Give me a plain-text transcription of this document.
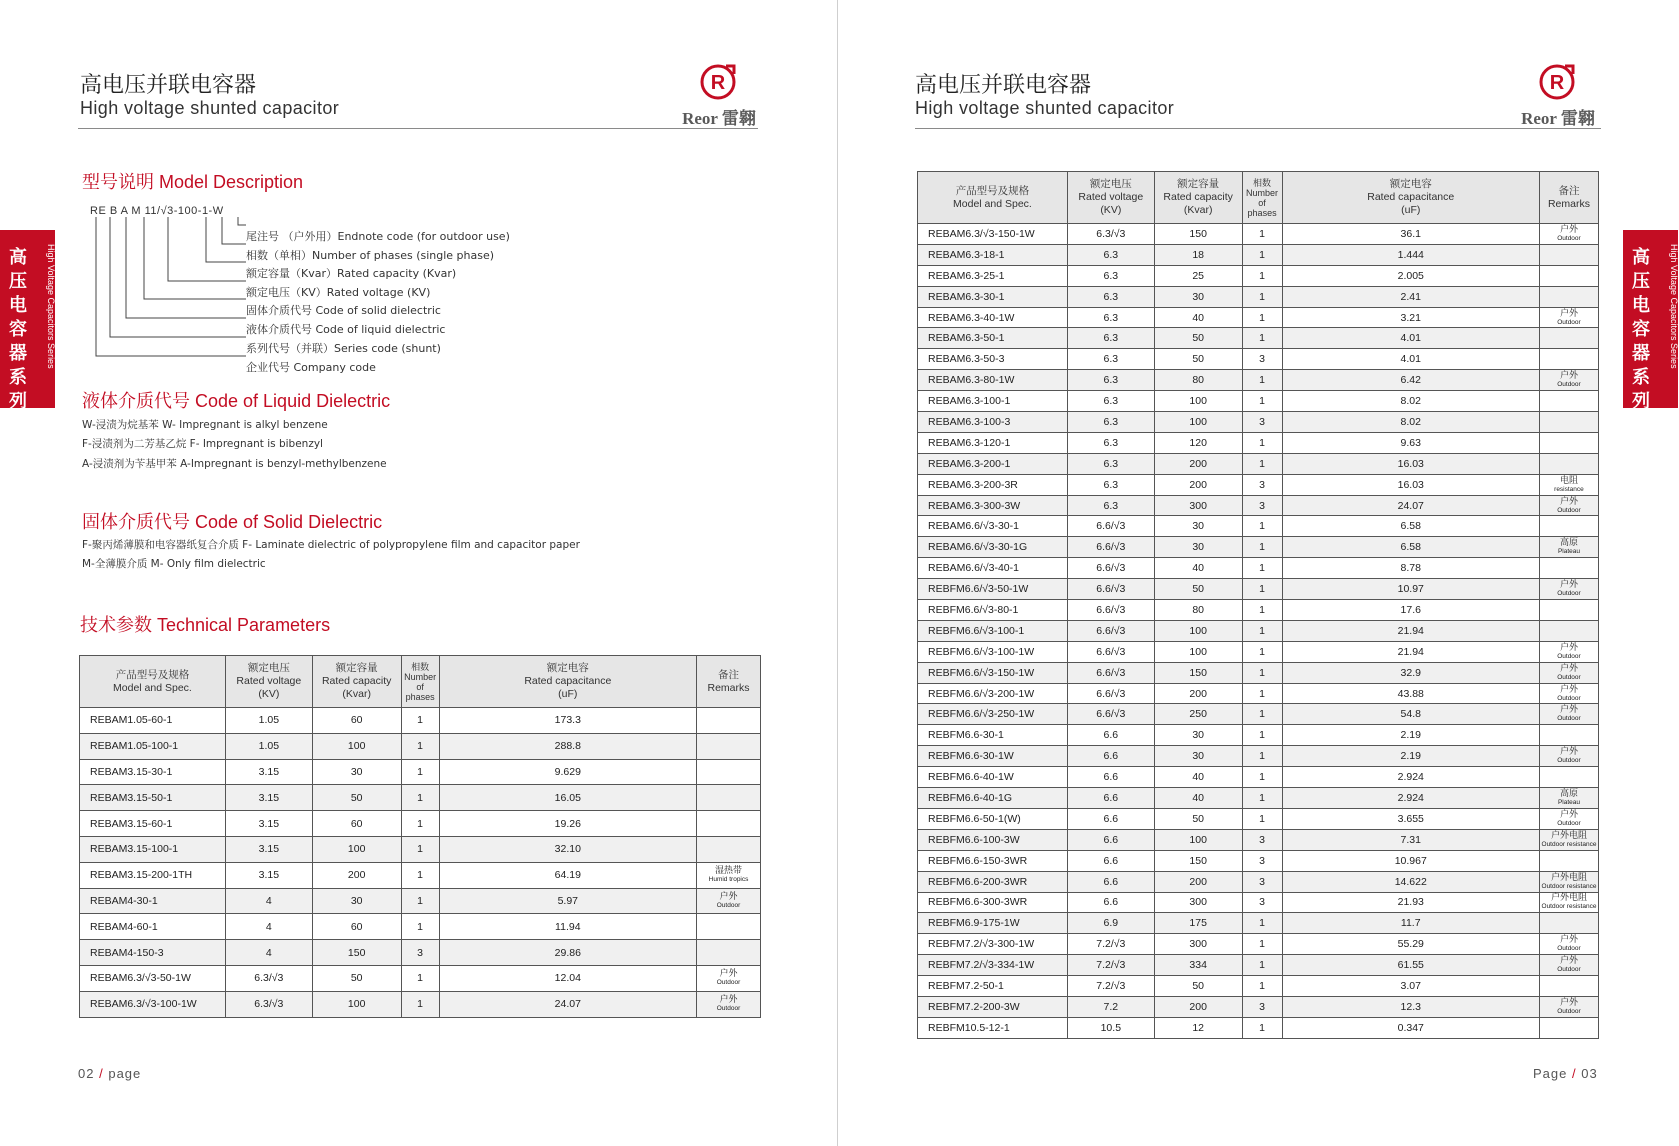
高电压并联电容器
High voltage shunted capacitor
R
Reor 雷翱
高
压
电
容
器
系
列
High Voltage Capacitors Series
型号说明 Model Description
RE B A M 11/√3-100-1-W
尾注号 （户外用）Endnote code (for outdoor use)
相数（单相）Number of phases (single phase)
额定容量（Kvar）Rated capacity (Kvar)
额定电压（KV）Rated voltage (KV)
固体介质代号 Code of solid dielectric
液体介质代号 Code of liquid dielectric
系列代号（并联）Series code (shunt)
企业代号 Company code
液体介质代号 Code of Liquid Dielectric
W-浸渍为烷基苯 W- Impregnant is alkyl benzene
F-浸渍剂为二芳基乙烷 F- Impregnant is bibenzyl
A-浸渍剂为苄基甲苯 A-Impregnant is benzyl-methylbenzene
固体介质代号 Code of Solid Dielectric
F-聚丙烯薄膜和电容器纸复合介质 F- Laminate dielectric of polypropylene film and capacitor paper
M-全薄膜介质 M- Only film dielectric
技术参数 Technical Parameters
产品型号及规格
Model and Spec.	额定电压
Rated voltage
(KV)	额定容量
Rated capacity
(Kvar)	相数
Number of phases	额定电容
Rated capacitance
(uF)	备注
Remarks
REBAM1.05-60-1	1.05	60	1	173.3	

REBAM1.05-100-1	1.05	100	1	288.8	

REBAM3.15-30-1	3.15	30	1	9.629	

REBAM3.15-50-1	3.15	50	1	16.05	

REBAM3.15-60-1	3.15	60	1	19.26	

REBAM3.15-100-1	3.15	100	1	32.10	

REBAM3.15-200-1TH	3.15	200	1	64.19	湿热带
Humid tropics

REBAM4-30-1	4	30	1	5.97	户外
Outdoor

REBAM4-60-1	4	60	1	11.94	

REBAM4-150-3	4	150	3	29.86	

REBAM6.3/√3-50-1W	6.3/√3	50	1	12.04	户外
Outdoor

REBAM6.3/√3-100-1W	6.3/√3	100	1	24.07	户外
Outdoor
02 / page
高电压并联电容器
High voltage shunted capacitor
R
Reor 雷翱
高
压
电
容
器
系
列
High Voltage Capacitors Series
产品型号及规格
Model and Spec.	额定电压
Rated voltage
(KV)	额定容量
Rated capacity
(Kvar)	相数
Number of phases	额定电容
Rated capacitance
(uF)	备注
Remarks
REBAM6.3/√3-150-1W	6.3/√3	150	1	36.1	户外
Outdoor

REBAM6.3-18-1	6.3	18	1	1.444	

REBAM6.3-25-1	6.3	25	1	2.005	

REBAM6.3-30-1	6.3	30	1	2.41	

REBAM6.3-40-1W	6.3	40	1	3.21	户外
Outdoor

REBAM6.3-50-1	6.3	50	1	4.01	

REBAM6.3-50-3	6.3	50	3	4.01	

REBAM6.3-80-1W	6.3	80	1	6.42	户外
Outdoor

REBAM6.3-100-1	6.3	100	1	8.02	

REBAM6.3-100-3	6.3	100	3	8.02	

REBAM6.3-120-1	6.3	120	1	9.63	

REBAM6.3-200-1	6.3	200	1	16.03	

REBAM6.3-200-3R	6.3	200	3	16.03	电阻
resistance

REBAM6.3-300-3W	6.3	300	3	24.07	户外
Outdoor

REBAM6.6/√3-30-1	6.6/√3	30	1	6.58	

REBAM6.6/√3-30-1G	6.6/√3	30	1	6.58	高原
Plateau

REBAM6.6/√3-40-1	6.6/√3	40	1	8.78	

REBFM6.6/√3-50-1W	6.6/√3	50	1	10.97	户外
Outdoor

REBFM6.6/√3-80-1	6.6/√3	80	1	17.6	

REBFM6.6/√3-100-1	6.6/√3	100	1	21.94	

REBFM6.6/√3-100-1W	6.6/√3	100	1	21.94	户外
Outdoor

REBFM6.6/√3-150-1W	6.6/√3	150	1	32.9	户外
Outdoor

REBFM6.6/√3-200-1W	6.6/√3	200	1	43.88	户外
Outdoor

REBFM6.6/√3-250-1W	6.6/√3	250	1	54.8	户外
Outdoor

REBFM6.6-30-1	6.6	30	1	2.19	

REBFM6.6-30-1W	6.6	30	1	2.19	户外
Outdoor

REBFM6.6-40-1W	6.6	40	1	2.924	

REBFM6.6-40-1G	6.6	40	1	2.924	高原
Plateau

REBFM6.6-50-1(W)	6.6	50	1	3.655	户外
Outdoor

REBFM6.6-100-3W	6.6	100	3	7.31	户外电阻
Outdoor resistance

REBFM6.6-150-3WR	6.6	150	3	10.967	

REBFM6.6-200-3WR	6.6	200	3	14.622	户外电阻
Outdoor resistance

REBFM6.6-300-3WR	6.6	300	3	21.93	户外电阻
Outdoor resistance

REBFM6.9-175-1W	6.9	175	1	11.7	

REBFM7.2/√3-300-1W	7.2/√3	300	1	55.29	户外
Outdoor

REBFM7.2/√3-334-1W	7.2/√3	334	1	61.55	户外
Outdoor

REBFM7.2-50-1	7.2/√3	50	1	3.07	

REBFM7.2-200-3W	7.2	200	3	12.3	户外
Outdoor

REBFM10.5-12-1	10.5	12	1	0.347	
Page / 03
